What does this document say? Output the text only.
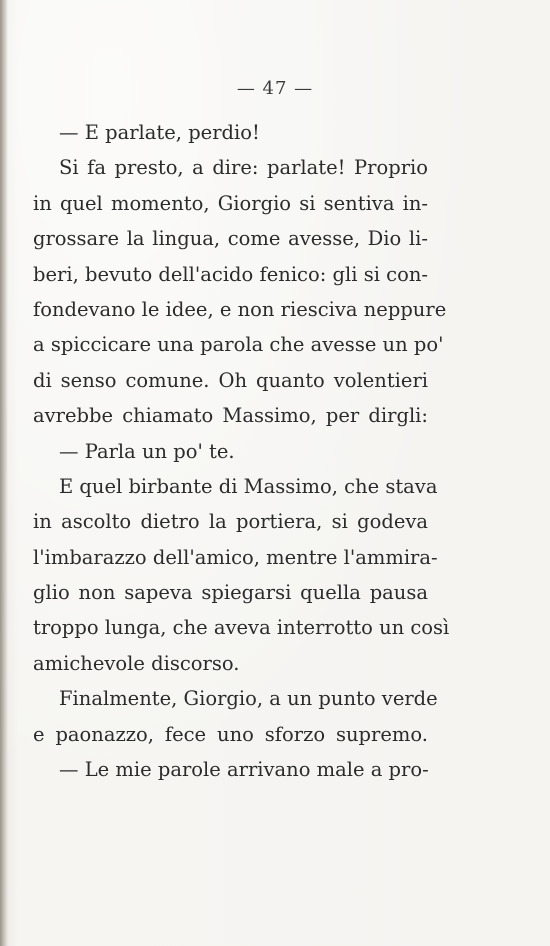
— 47 —
— E parlate, perdio!
Si fa presto, a dire: parlate! Proprio
in quel momento, Giorgio si sentiva in-
grossare la lingua, come avesse, Dio li-
beri, bevuto dell'acido fenico: gli si con-
fondevano le idee, e non riesciva neppure
a spiccicare una parola che avesse un po'
di senso comune. Oh quanto volentieri
avrebbe chiamato Massimo, per dirgli:
— Parla un po' te.
E quel birbante di Massimo, che stava
in ascolto dietro la portiera, si godeva
l'imbarazzo dell'amico, mentre l'ammira-
glio non sapeva spiegarsi quella pausa
troppo lunga, che aveva interrotto un così
amichevole discorso.
Finalmente, Giorgio, a un punto verde
e paonazzo, fece uno sforzo supremo.
— Le mie parole arrivano male a pro-
